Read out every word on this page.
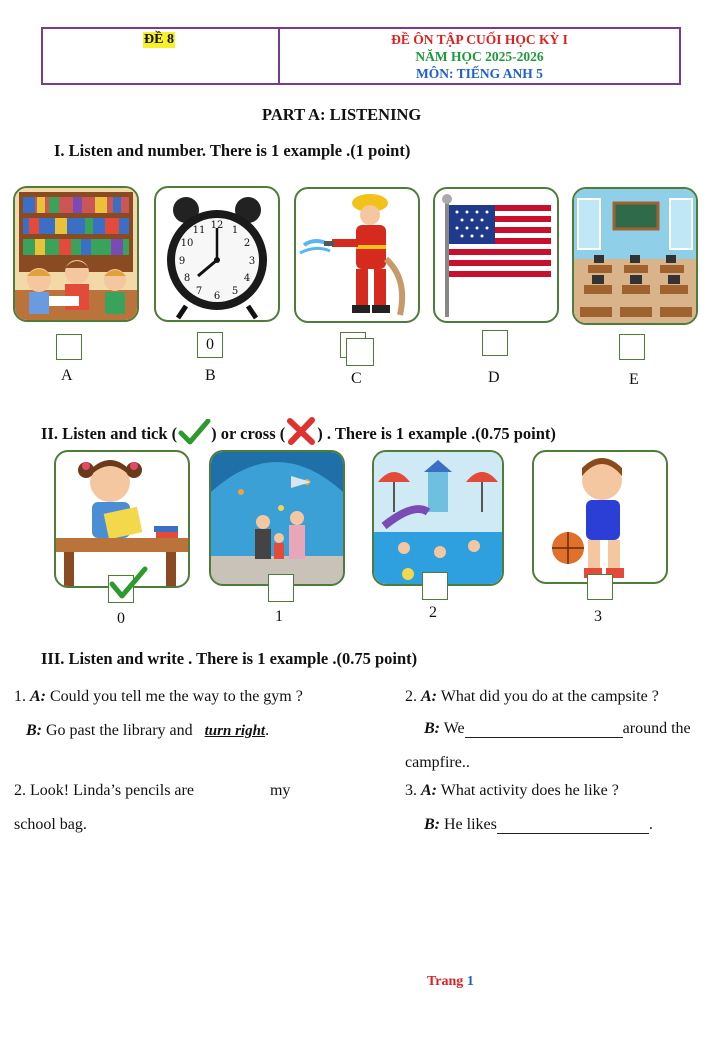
ĐỀ 8	ĐỀ ÔN TẬP CUỐI HỌC KỲ I
NĂM HỌC 2025-2026
MÔN: TIẾNG ANH 5
PART A: LISTENING
I. Listen and number. There is 1 example .(1 point)
12 1
2
3
4
5
6
7
8
9
10
11
0
A	B	C	D	E
II. Listen and tick ( ) or cross ( ) . There is 1 example .(0.75 point)
0	1	2	3
III. Listen and write . There is 1 example .(0.75 point)
1. A: Could you tell me the way to the gym ?
B: Go past the library and turn right.
2. A: What did you do at the campsite ?
B: We	around the
campfire..
2. Look! Linda’s pencils are	my
school bag.
3. A: What activity does he like ?
B: He likes	.
Trang 1
